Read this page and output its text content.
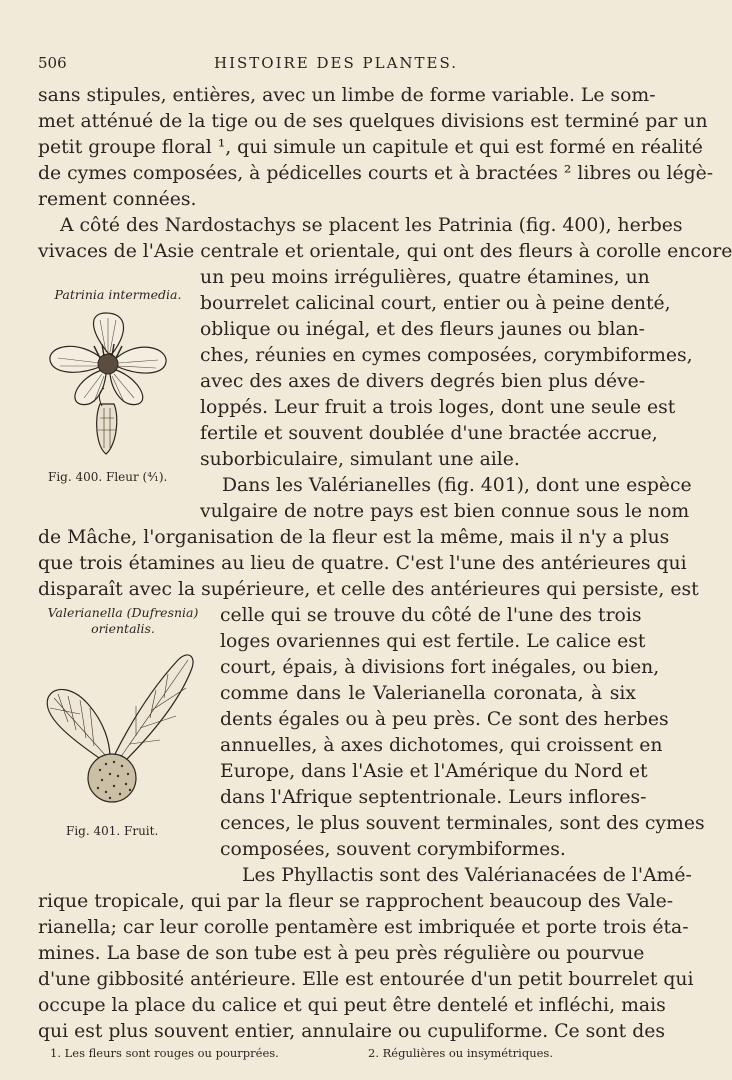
506	HISTOIRE DES PLANTES.
sans stipules, entières, avec un limbe de forme variable. Le som-
met atténué de la tige ou de ses quelques divisions est terminé par un
petit groupe floral ¹, qui simule un capitule et qui est formé en réalité
de cymes composées, à pédicelles courts et à bractées ² libres ou légè-
rement connées.
A côté des Nardostachys se placent les Patrinia (fig. 400), herbes
vivaces de l'Asie centrale et orientale, qui ont des fleurs à corolle encore
un peu moins irrégulières, quatre étamines, un
bourrelet calicinal court, entier ou à peine denté,
oblique ou inégal, et des fleurs jaunes ou blan-
ches, réunies en cymes composées, corymbiformes,
avec des axes de divers degrés bien plus déve-
loppés. Leur fruit a trois loges, dont une seule est
fertile et souvent doublée d'une bractée accrue,
suborbiculaire, simulant une aile.
Dans les Valérianelles (fig. 401), dont une espèce
vulgaire de notre pays est bien connue sous le nom
de Mâche, l'organisation de la fleur est la même, mais il n'y a plus
que trois étamines au lieu de quatre. C'est l'une des antérieures qui
disparaît avec la supérieure, et celle des antérieures qui persiste, est
celle qui se trouve du côté de l'une des trois
loges ovariennes qui est fertile. Le calice est
court, épais, à divisions fort inégales, ou bien,
comme dans le Valerianella coronata, à six
dents égales ou à peu près. Ce sont des herbes
annuelles, à axes dichotomes, qui croissent en
Europe, dans l'Asie et l'Amérique du Nord et
dans l'Afrique septentrionale. Leurs inflores-
cences, le plus souvent terminales, sont des cymes
composées, souvent corymbiformes.
Les Phyllactis sont des Valérianacées de l'Amé-
rique tropicale, qui par la fleur se rapprochent beaucoup des Vale-
rianella; car leur corolle pentamère est imbriquée et porte trois éta-
mines. La base de son tube est à peu près régulière ou pourvue
d'une gibbosité antérieure. Elle est entourée d'un petit bourrelet qui
occupe la place du calice et qui peut être dentelé et infléchi, mais
qui est plus souvent entier, annulaire ou cupuliforme. Ce sont des
Patrinia intermedia.
Fig. 400. Fleur (⁴⁄₁).
Valerianella (Dufresnia)
orientalis.
Fig. 401. Fruit.
1. Les fleurs sont rouges ou pourprées.	2. Régulières ou insymétriques.
